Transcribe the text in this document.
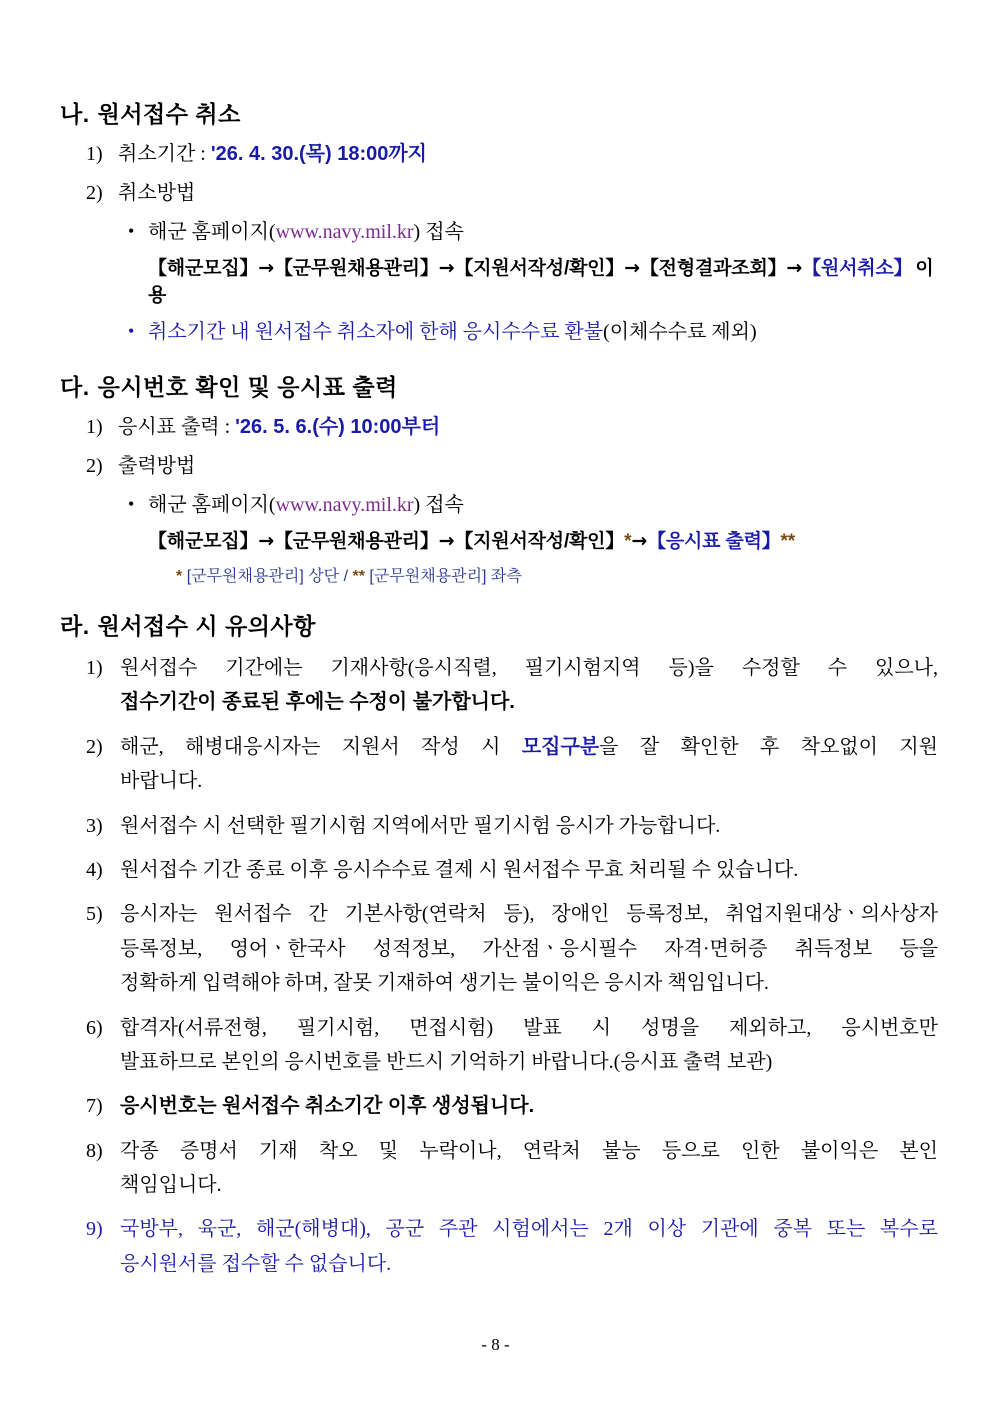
나. 원서접수 취소
1) 취소기간 : '26. 4. 30.(목) 18:00까지
2) 취소방법
• 해군 홈페이지(www.navy.mil.kr) 접속
【해군모집】→【군무원채용관리】→【지원서작성/확인】→【전형결과조회】→【원서취소】 이용
• 취소기간 내 원서접수 취소자에 한해 응시수수료 환불(이체수수료 제외)
다. 응시번호 확인 및 응시표 출력
1) 응시표 출력 : '26. 5. 6.(수) 10:00부터
2) 출력방법
• 해군 홈페이지(www.navy.mil.kr) 접속
【해군모집】→【군무원채용관리】→【지원서작성/확인】*→【응시표 출력】**
* [군무원채용관리] 상단 / ** [군무원채용관리] 좌측
라. 원서접수 시 유의사항
1) 원서접수 기간에는 기재사항(응시직렬, 필기시험지역 등)을 수정할 수 있으나,
접수기간이 종료된 후에는 수정이 불가합니다.
2) 해군, 해병대응시자는 지원서 작성 시 모집구분을 잘 확인한 후 착오없이 지원
바랍니다.
3) 원서접수 시 선택한 필기시험 지역에서만 필기시험 응시가 가능합니다.
4) 원서접수 기간 종료 이후 응시수수료 결제 시 원서접수 무효 처리될 수 있습니다.
5) 응시자는 원서접수 간 기본사항(연락처 등), 장애인 등록정보, 취업지원대상ㆍ의사상자
등록정보, 영어ㆍ한국사 성적정보, 가산점ㆍ응시필수 자격·면허증 취득정보 등을
정확하게 입력해야 하며, 잘못 기재하여 생기는 불이익은 응시자 책임입니다.
6) 합격자(서류전형, 필기시험, 면접시험) 발표 시 성명을 제외하고, 응시번호만
발표하므로 본인의 응시번호를 반드시 기억하기 바랍니다.(응시표 출력 보관)
7) 응시번호는 원서접수 취소기간 이후 생성됩니다.
8) 각종 증명서 기재 착오 및 누락이나, 연락처 불능 등으로 인한 불이익은 본인
책임입니다.
9) 국방부, 육군, 해군(해병대), 공군 주관 시험에서는 2개 이상 기관에 중복 또는 복수로
응시원서를 접수할 수 없습니다.
- 8 -
